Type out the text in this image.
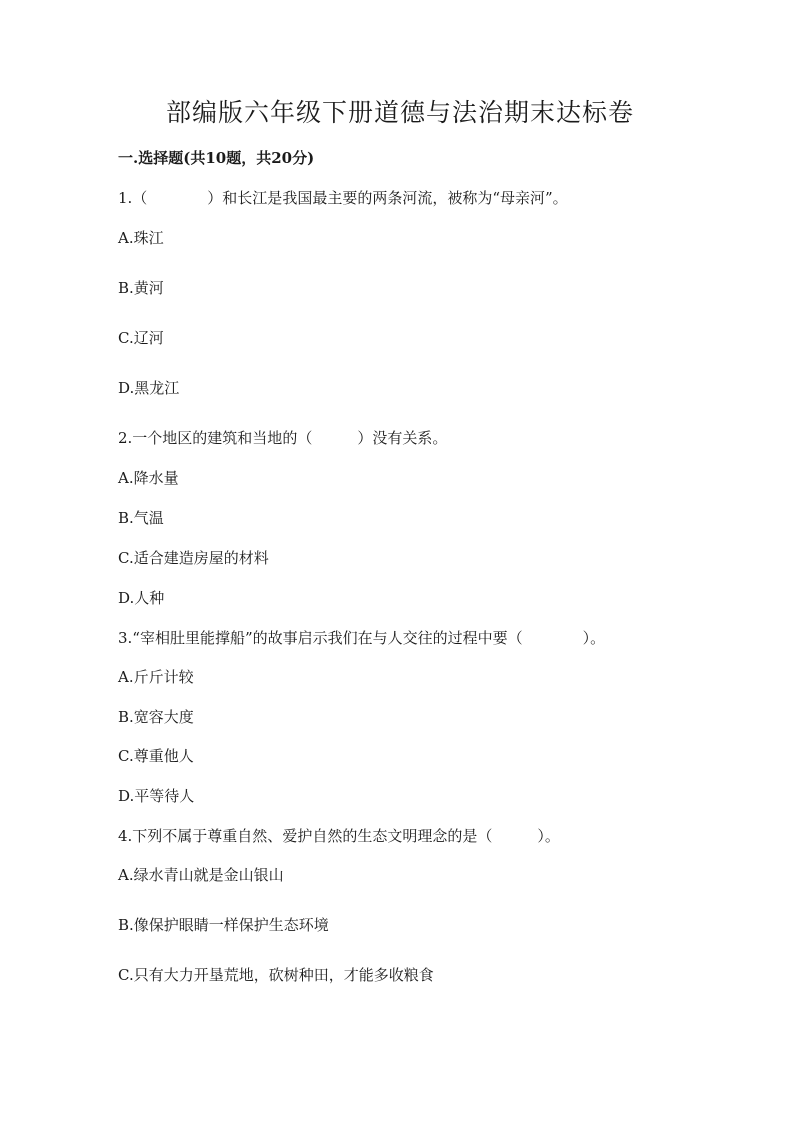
部编版六年级下册道德与法治期末达标卷
一.选择题(共10题，共20分)
1.（　　　　）和长江是我国最主要的两条河流，被称为“母亲河”。
A.珠江
B.黄河
C.辽河
D.黑龙江
2.一个地区的建筑和当地的（　　　）没有关系。
A.降水量
B.气温
C.适合建造房屋的材料
D.人种
3.“宰相肚里能撑船”的故事启示我们在与人交往的过程中要（　　　　）。
A.斤斤计较
B.宽容大度
C.尊重他人
D.平等待人
4.下列不属于尊重自然、爱护自然的生态文明理念的是（　　　）。
A.绿水青山就是金山银山
B.像保护眼睛一样保护生态环境
C.只有大力开垦荒地，砍树种田，才能多收粮食
